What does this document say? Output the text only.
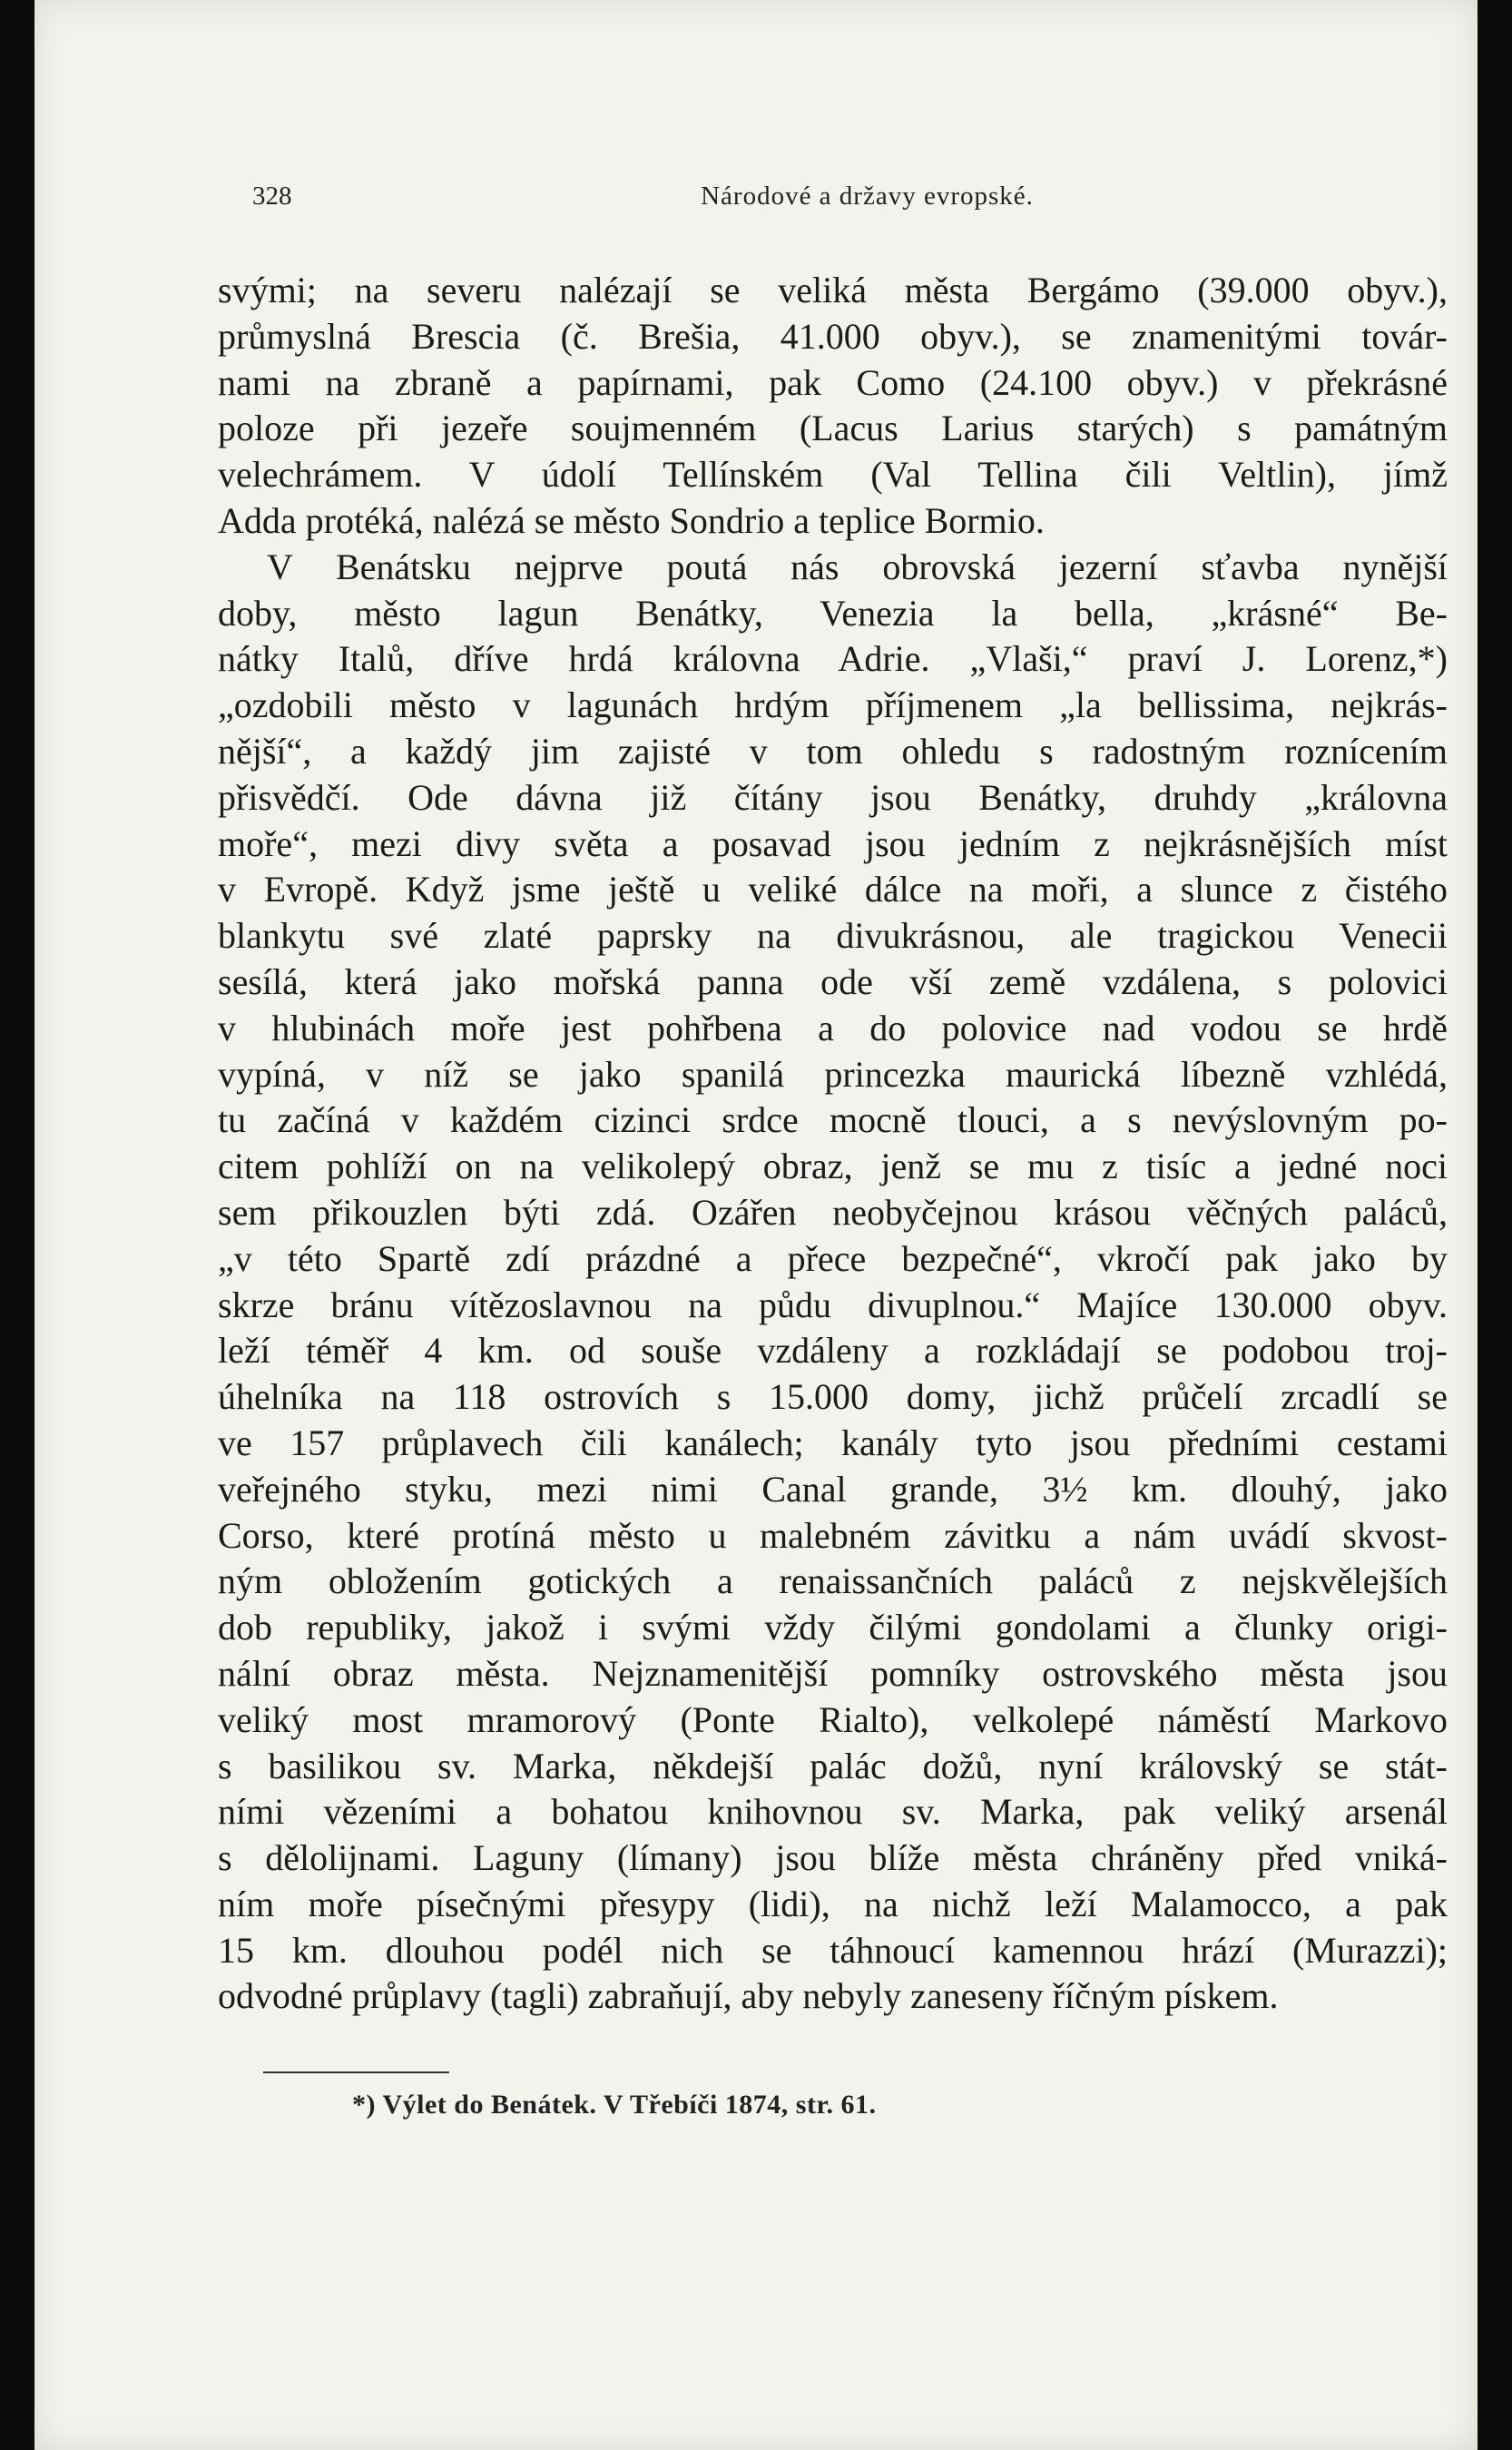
328	Národové a državy evropské.
svými; na severu nalézají se veliká města Bergámo (39.000 obyv.),
průmyslná Brescia (č. Brešia, 41.000 obyv.), se znamenitými továr-
nami na zbraně a papírnami, pak Como (24.100 obyv.) v překrásné
poloze při jezeře soujmenném (Lacus Larius starých) s památným
velechrámem. V údolí Tellínském (Val Tellina čili Veltlin), jímž
Adda protéká, nalézá se město Sondrio a teplice Bormio.
V Benátsku nejprve poutá nás obrovská jezerní sťavba nynější
doby, město lagun Benátky, Venezia la bella, „krásné“ Be-
nátky Italů, dříve hrdá královna Adrie. „Vlaši,“ praví J. Lorenz,*)
„ozdobili město v lagunách hrdým příjmenem „la bellissima, nejkrás-
nější“, a každý jim zajisté v tom ohledu s radostným roznícením
přisvědčí. Ode dávna již čítány jsou Benátky, druhdy „královna
moře“, mezi divy světa a posavad jsou jedním z nejkrásnějších míst
v Evropě. Když jsme ještě u veliké dálce na moři, a slunce z čistého
blankytu své zlaté paprsky na divukrásnou, ale tragickou Venecii
sesílá, která jako mořská panna ode vší země vzdálena, s polovici
v hlubinách moře jest pohřbena a do polovice nad vodou se hrdě
vypíná, v níž se jako spanilá princezka maurická líbezně vzhlédá,
tu začíná v každém cizinci srdce mocně tlouci, a s nevýslovným po-
citem pohlíží on na velikolepý obraz, jenž se mu z tisíc a jedné noci
sem přikouzlen býti zdá. Ozářen neobyčejnou krásou věčných paláců,
„v této Spartě zdí prázdné a přece bezpečné“, vkročí pak jako by
skrze bránu vítězoslavnou na půdu divuplnou.“ Majíce 130.000 obyv.
leží téměř 4 km. od souše vzdáleny a rozkládají se podobou troj-
úhelníka na 118 ostrovích s 15.000 domy, jichž průčelí zrcadlí se
ve 157 průplavech čili kanálech; kanály tyto jsou předními cestami
veřejného styku, mezi nimi Canal grande, 3½ km. dlouhý, jako
Corso, které protíná město u malebném závitku a nám uvádí skvost-
ným obložením gotických a renaissančních paláců z nejskvělejších
dob republiky, jakož i svými vždy čilými gondolami a člunky origi-
nální obraz města. Nejznamenitější pomníky ostrovského města jsou
veliký most mramorový (Ponte Rialto), velkolepé náměstí Markovo
s basilikou sv. Marka, někdejší palác dožů, nyní královský se stát-
ními vězeními a bohatou knihovnou sv. Marka, pak veliký arsenál
s dělolijnami. Laguny (límany) jsou blíže města chráněny před vniká-
ním moře písečnými přesypy (lidi), na nichž leží Malamocco, a pak
15 km. dlouhou podél nich se táhnoucí kamennou hrází (Murazzi);
odvodné průplavy (tagli) zabraňují, aby nebyly zaneseny říčným pískem.
*) Výlet do Benátek. V Třebíči 1874, str. 61.
